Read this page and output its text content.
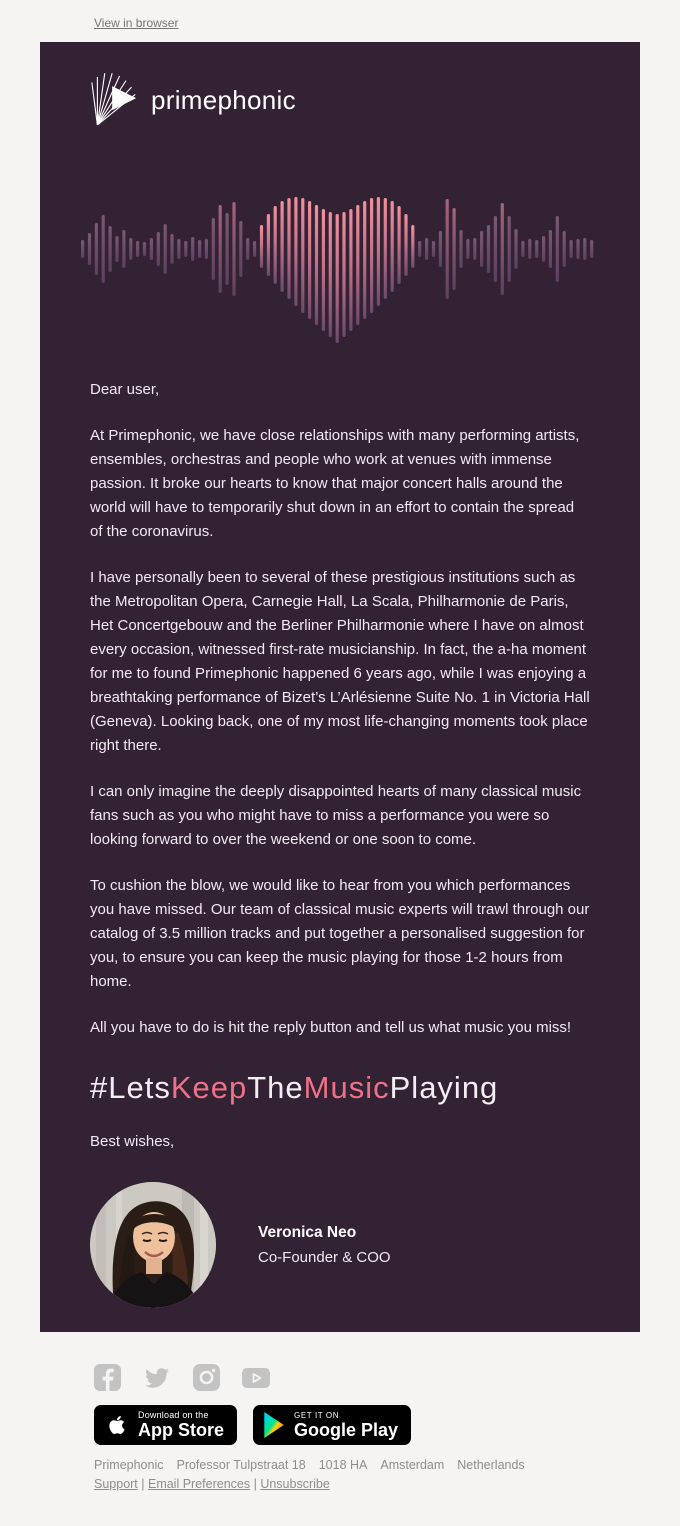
View in browser
primephonic

Dear user,

At Primephonic, we have close relationships with many performing artists, ensembles, orchestras and people who work at venues with immense passion. It broke our hearts to know that major concert halls around the world will have to temporarily shut down in an effort to contain the spread of the coronavirus.

I have personally been to several of these prestigious institutions such as the Metropolitan Opera, Carnegie Hall, La Scala, Philharmonie de Paris, Het Concertgebouw and the Berliner Philharmonie where I have on almost every occasion, witnessed first-rate musicianship. In fact, the a-ha moment for me to found Primephonic happened 6 years ago, while I was enjoying a breathtaking performance of Bizet’s L’Arlésienne Suite No. 1 in Victoria Hall (Geneva). Looking back, one of my most life-changing moments took place right there.

I can only imagine the deeply disappointed hearts of many classical music fans such as you who might have to miss a performance you were so looking forward to over the weekend or one soon to come.

To cushion the blow, we would like to hear from you which performances you have missed. Our team of classical music experts will trawl through our catalog of 3.5 million tracks and put together a personalised suggestion for you, to ensure you can keep the music playing for those 1-2 hours from home.

All you have to do is hit the reply button and tell us what music you miss!

#LetsKeepTheMusicPlaying

Best wishes,

Veronica Neo

Co-Founder & COO

Download on the
App Store
GET IT ON
Google Play
Primephonic Professor Tulpstraat 18 1018 HA Amsterdam Netherlands
Support | Email Preferences | Unsubscribe
